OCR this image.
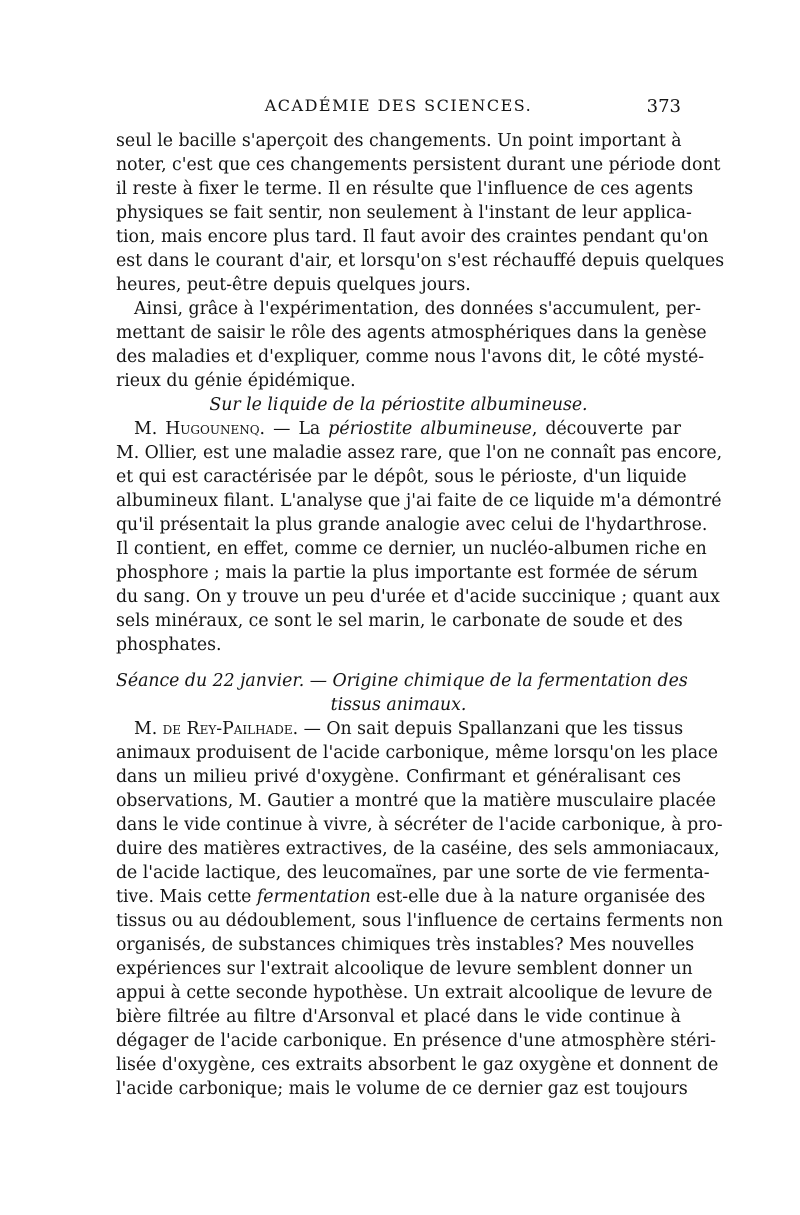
ACADÉMIE DES SCIENCES.	373
seul le bacille s'aperçoit des changements. Un point important à
noter, c'est que ces changements persistent durant une période dont
il reste à fixer le terme. Il en résulte que l'influence de ces agents
physiques se fait sentir, non seulement à l'instant de leur applica-
tion, mais encore plus tard. Il faut avoir des craintes pendant qu'on
est dans le courant d'air, et lorsqu'on s'est réchauffé depuis quelques
heures, peut-être depuis quelques jours.
Ainsi, grâce à l'expérimentation, des données s'accumulent, per-
mettant de saisir le rôle des agents atmosphériques dans la genèse
des maladies et d'expliquer, comme nous l'avons dit, le côté mysté-
rieux du génie épidémique.
Sur le liquide de la périostite albumineuse.
M. Hugounenq. — La périostite albumineuse, découverte par
M. Ollier, est une maladie assez rare, que l'on ne connaît pas encore,
et qui est caractérisée par le dépôt, sous le périoste, d'un liquide
albumineux filant. L'analyse que j'ai faite de ce liquide m'a démontré
qu'il présentait la plus grande analogie avec celui de l'hydarthrose.
Il contient, en effet, comme ce dernier, un nucléo-albumen riche en
phosphore ; mais la partie la plus importante est formée de sérum
du sang. On y trouve un peu d'urée et d'acide succinique ; quant aux
sels minéraux, ce sont le sel marin, le carbonate de soude et des
phosphates.
Séance du 22 janvier. — Origine chimique de la fermentation des
tissus animaux.
M. de Rey-Pailhade. — On sait depuis Spallanzani que les tissus
animaux produisent de l'acide carbonique, même lorsqu'on les place
dans un milieu privé d'oxygène. Confirmant et généralisant ces
observations, M. Gautier a montré que la matière musculaire placée
dans le vide continue à vivre, à sécréter de l'acide carbonique, à pro-
duire des matières extractives, de la caséine, des sels ammoniacaux,
de l'acide lactique, des leucomaïnes, par une sorte de vie fermenta-
tive. Mais cette fermentation est-elle due à la nature organisée des
tissus ou au dédoublement, sous l'influence de certains ferments non
organisés, de substances chimiques très instables? Mes nouvelles
expériences sur l'extrait alcoolique de levure semblent donner un
appui à cette seconde hypothèse. Un extrait alcoolique de levure de
bière filtrée au filtre d'Arsonval et placé dans le vide continue à
dégager de l'acide carbonique. En présence d'une atmosphère stéri-
lisée d'oxygène, ces extraits absorbent le gaz oxygène et donnent de
l'acide carbonique; mais le volume de ce dernier gaz est toujours
